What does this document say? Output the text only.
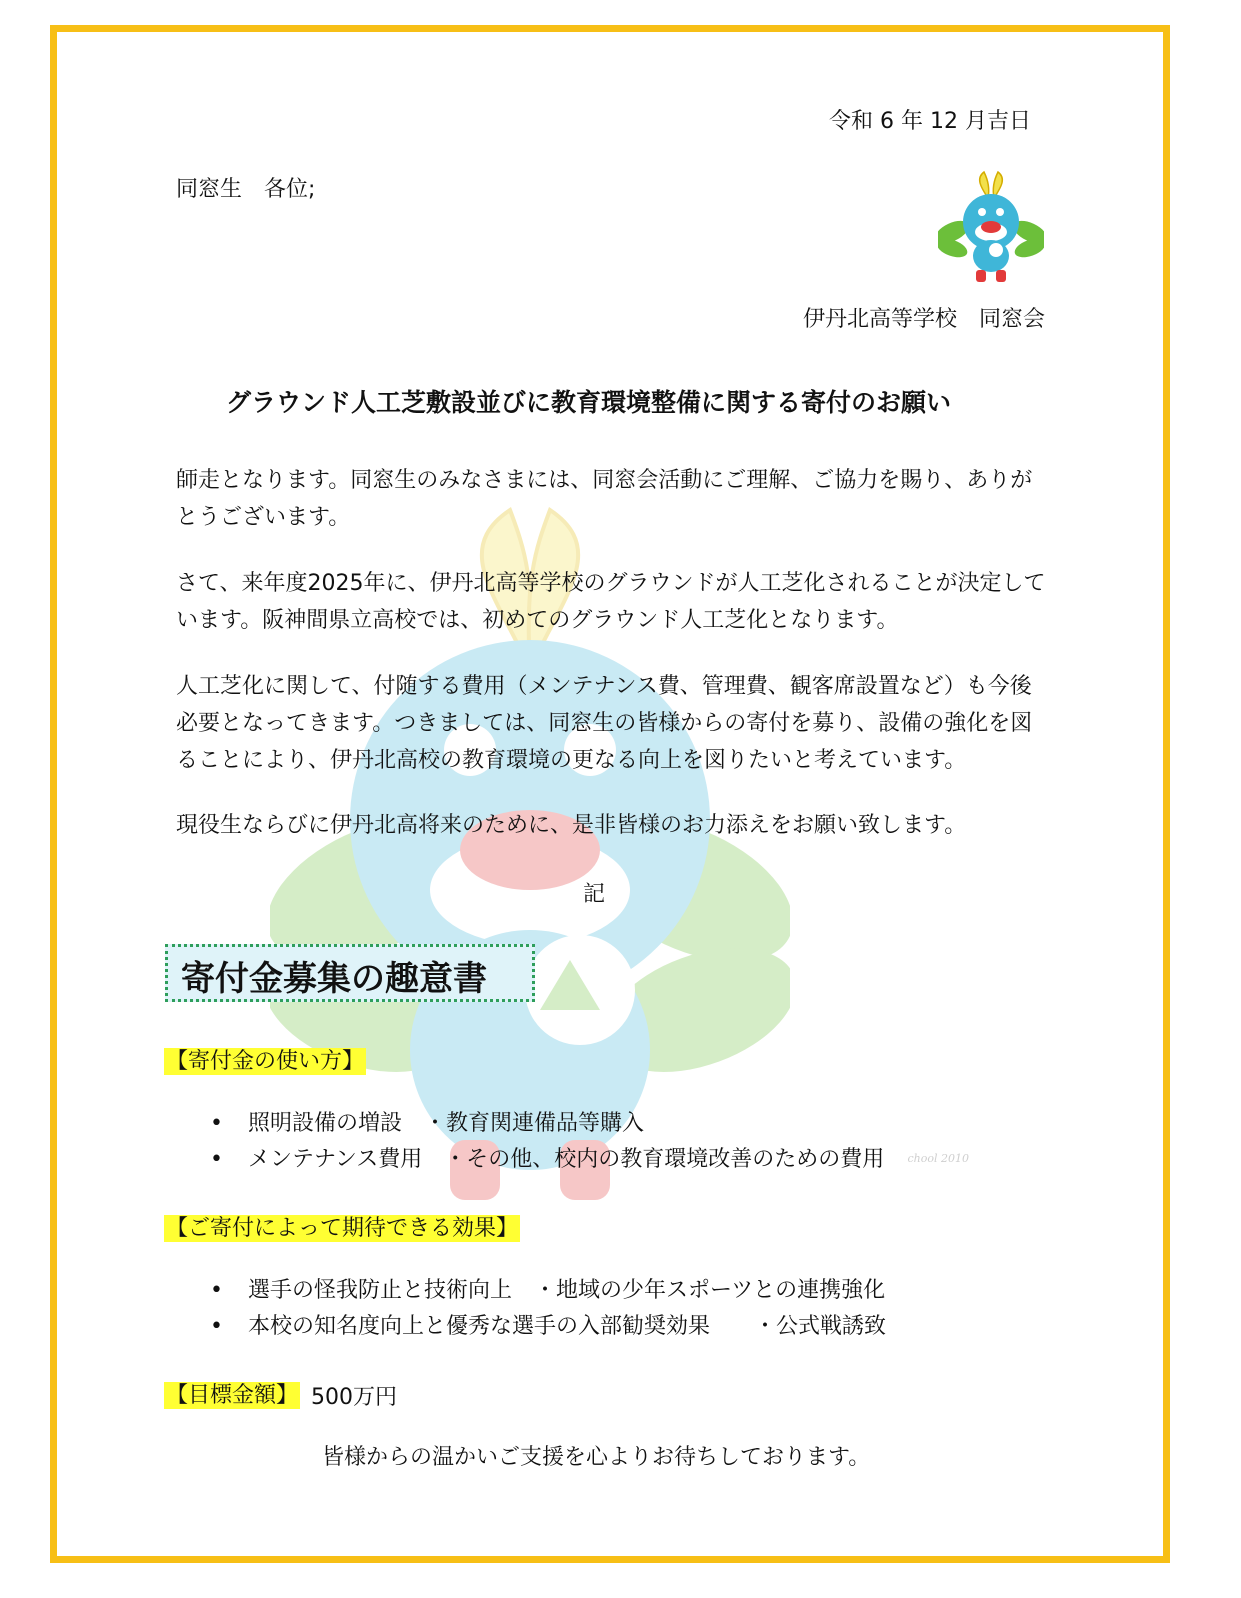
令和 6 年 12 月吉日
同窓生　各位;
伊丹北高等学校　同窓会
グラウンド人工芝敷設並びに教育環境整備に関する寄付のお願い
師走となります。同窓生のみなさまには、同窓会活動にご理解、ご協力を賜り、ありがとうございます。
さて、来年度2025年に、伊丹北高等学校のグラウンドが人工芝化されることが決定しています。阪神間県立高校では、初めてのグラウンド人工芝化となります。
人工芝化に関して、付随する費用（メンテナンス費、管理費、観客席設置など）も今後必要となってきます。つきましては、同窓生の皆様からの寄付を募り、設備の強化を図ることにより、伊丹北高校の教育環境の更なる向上を図りたいと考えています。
現役生ならびに伊丹北高将来のために、是非皆様のお力添えをお願い致します。
記
寄付金募集の趣意書
【寄付金の使い方】
• 照明設備の増設　・教育関連備品等購入
• メンテナンス費用　・その他、校内の教育環境改善のための費用 chool 2010
【ご寄付によって期待できる効果】
• 選手の怪我防止と技術向上　・地域の少年スポーツとの連携強化
• 本校の知名度向上と優秀な選手の入部勧奨効果　　・公式戦誘致
【目標金額】 500万円
皆様からの温かいご支援を心よりお待ちしております。
